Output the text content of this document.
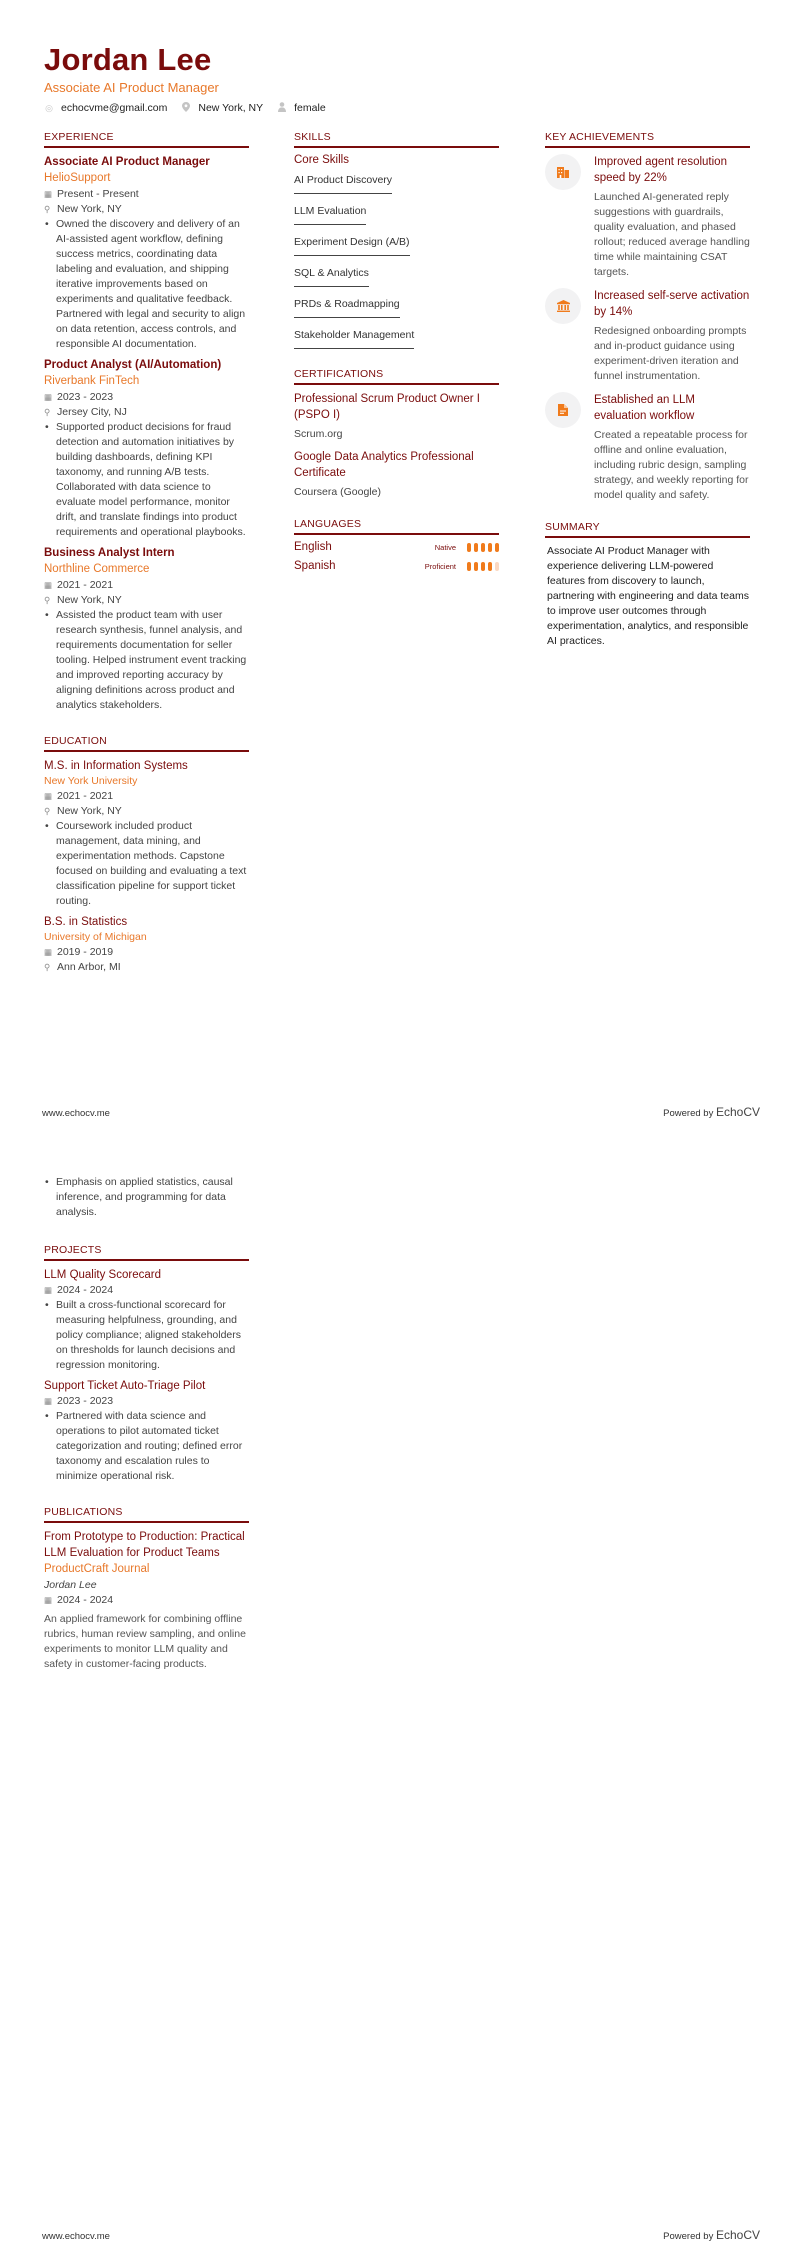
Jordan Lee
Associate AI Product Manager
◎ echocvme@gmail.com	New York, NY	female
EXPERIENCE
Associate AI Product Manager
HelioSupport
▦ Present - Present
⚲ New York, NY
• Owned the discovery and delivery of an AI-assisted agent workflow, defining success metrics, coordinating data labeling and evaluation, and shipping iterative improvements based on experiments and qualitative feedback. Partnered with legal and security to align on data retention, access controls, and responsible AI documentation.
Product Analyst (AI/Automation)
Riverbank FinTech
▦ 2023 - 2023
⚲ Jersey City, NJ
• Supported product decisions for fraud detection and automation initiatives by building dashboards, defining KPI taxonomy, and running A/B tests. Collaborated with data science to evaluate model performance, monitor drift, and translate findings into product requirements and operational playbooks.
Business Analyst Intern
Northline Commerce
▦ 2021 - 2021
⚲ New York, NY
• Assisted the product team with user research synthesis, funnel analysis, and requirements documentation for seller tooling. Helped instrument event tracking and improved reporting accuracy by aligning definitions across product and analytics stakeholders.
EDUCATION
M.S. in Information Systems
New York University
▦ 2021 - 2021
⚲ New York, NY
• Coursework included product management, data mining, and experimentation methods. Capstone focused on building and evaluating a text classification pipeline for support ticket routing.
B.S. in Statistics
University of Michigan
▦ 2019 - 2019
⚲ Ann Arbor, MI
SKILLS
Core Skills
AI Product Discovery
LLM Evaluation
Experiment Design (A/B)
SQL & Analytics
PRDs & Roadmapping
Stakeholder Management
CERTIFICATIONS
Professional Scrum Product Owner I (PSPO I)
Scrum.org
Google Data Analytics Professional Certificate
Coursera (Google)
LANGUAGES
English	Native
Spanish	Proficient
KEY ACHIEVEMENTS
Improved agent resolution speed by 22%
Launched AI-generated reply suggestions with guardrails, quality evaluation, and phased rollout; reduced average handling time while maintaining CSAT targets.
Increased self-serve activation by 14%
Redesigned onboarding prompts and in-product guidance using experiment-driven iteration and funnel instrumentation.
Established an LLM evaluation workflow
Created a repeatable process for offline and online evaluation, including rubric design, sampling strategy, and weekly reporting for model quality and safety.
SUMMARY
Associate AI Product Manager with experience delivering LLM-powered features from discovery to launch, partnering with engineering and data teams to improve user outcomes through experimentation, analytics, and responsible AI practices.
www.echocv.me	Powered by EchoCV
• Emphasis on applied statistics, causal inference, and programming for data analysis.
PROJECTS
LLM Quality Scorecard
▦ 2024 - 2024
• Built a cross-functional scorecard for measuring helpfulness, grounding, and policy compliance; aligned stakeholders on thresholds for launch decisions and regression monitoring.
Support Ticket Auto-Triage Pilot
▦ 2023 - 2023
• Partnered with data science and operations to pilot automated ticket categorization and routing; defined error taxonomy and escalation rules to minimize operational risk.
PUBLICATIONS
From Prototype to Production: Practical LLM Evaluation for Product Teams
ProductCraft Journal
Jordan Lee
▦ 2024 - 2024
An applied framework for combining offline rubrics, human review sampling, and online experiments to monitor LLM quality and safety in customer-facing products.
www.echocv.me	Powered by EchoCV
